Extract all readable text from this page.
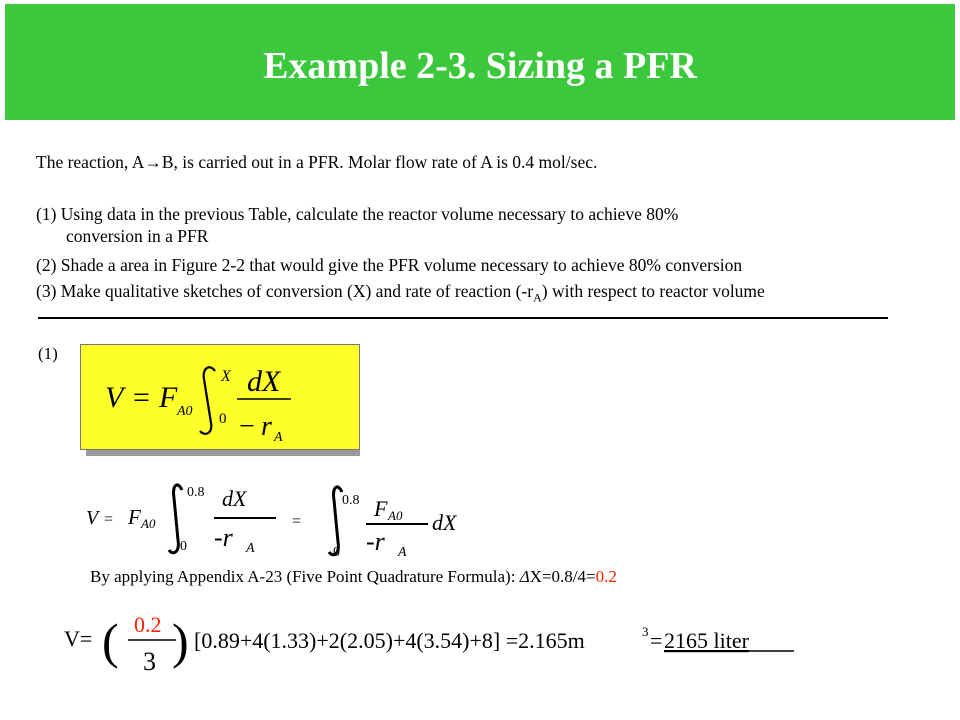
Example 2-3. Sizing a PFR
The reaction, A→B, is carried out in a PFR. Molar flow rate of A is 0.4 mol/sec.
(1) Using data in the previous Table, calculate the reactor volume necessary to achieve 80%
conversion in a PFR
(2) Shade a area in Figure 2-2 that would give the PFR volume necessary to achieve 80% conversion
(3) Make qualitative sketches of conversion (X) and rate of reaction $(-r_A)$ with respect to reactor volume
(1)
V = F A0
X
0
dX
− r A
V = F A0
0.8
0
dX
-r A
=
0.8
0
F A0
-r A
dX
By applying Appendix A-23 (Five Point Quadrature Formula): ΔX=0.8/4=0.2
V= ( 0.2
3 ) [0.89+4(1.33)+2(2.05)+4(3.54)+8] =2.165m	3 = 2165 liter
